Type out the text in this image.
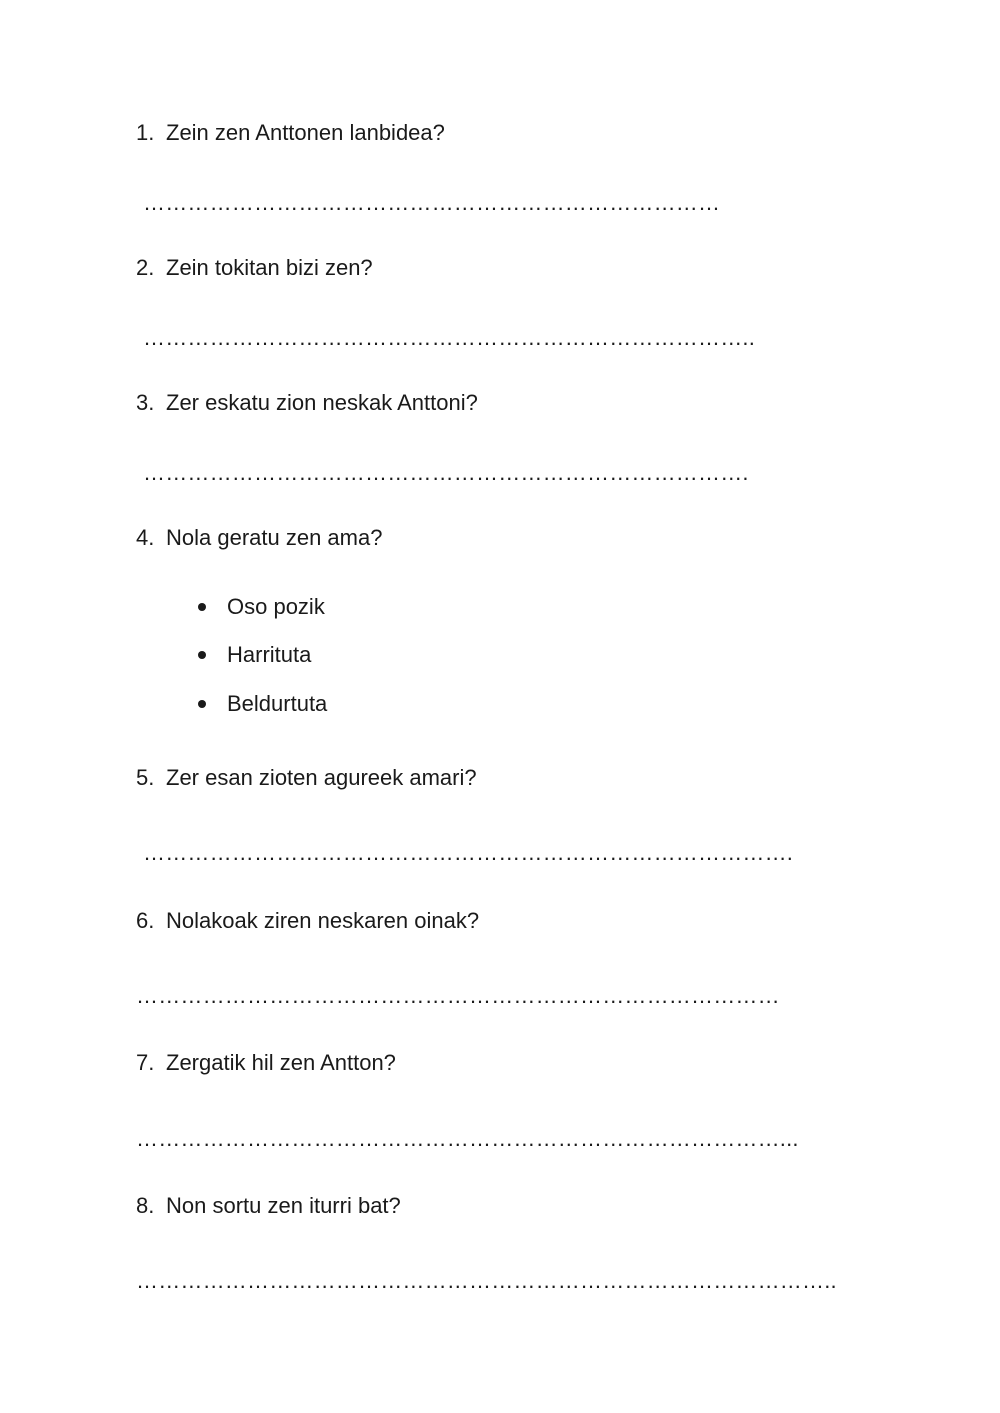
1. Zein zen Anttonen lanbidea?
……………………………………………………………………
2. Zein tokitan bizi zen?
………………………………………………………………………..
3. Zer eskatu zion neskak Anttoni?
……………………………………………………………………….
4. Nola geratu zen ama?
Oso pozik
Harrituta
Beldurtuta
5. Zer esan zioten agureek amari?
…………………………………………………………………………….
6. Nolakoak ziren neskaren oinak?
……………………………………………………………………………
7. Zergatik hil zen Antton?
……………………………………………………………………………...
8. Non sortu zen iturri bat?
…………………………………………………………………………………..
